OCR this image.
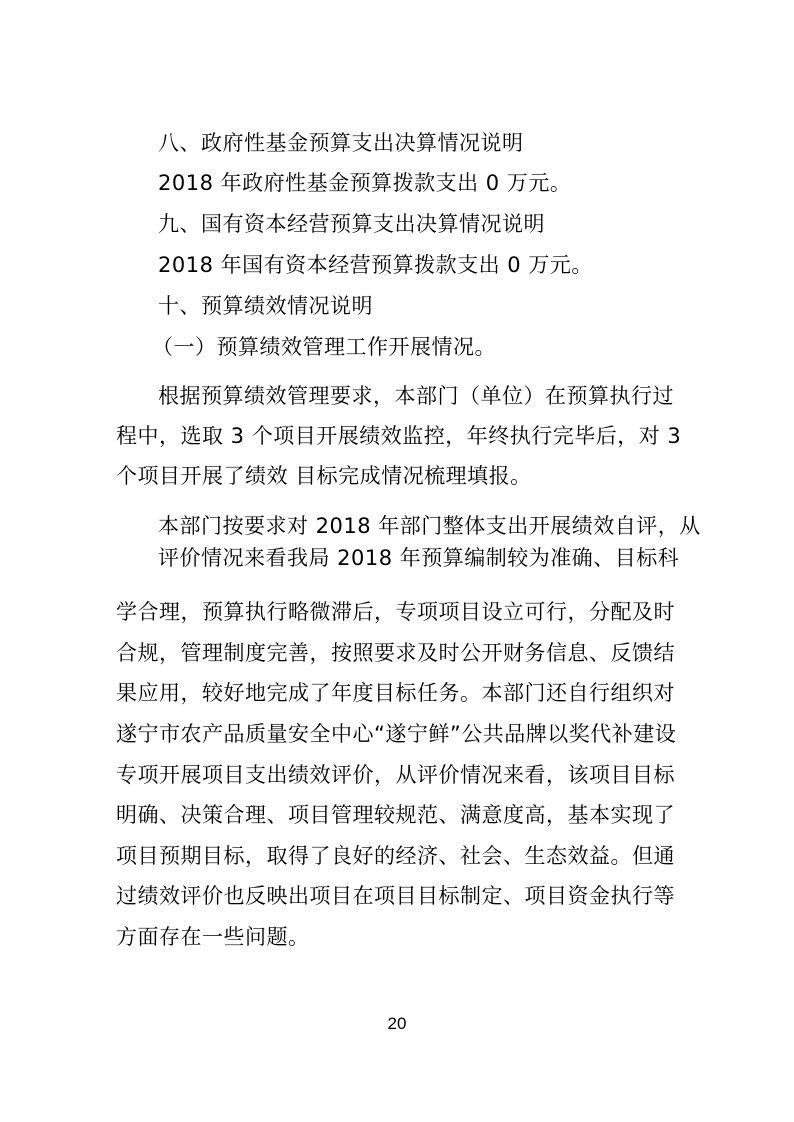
八、政府性基金预算支出决算情况说明
2018 年政府性基金预算拨款支出 0 万元。
九、国有资本经营预算支出决算情况说明
2018 年国有资本经营预算拨款支出 0 万元。
十、预算绩效情况说明
（一）预算绩效管理工作开展情况。
根据预算绩效管理要求，本部门（单位）在预算执行过
程中，选取 3 个项目开展绩效监控，年终执行完毕后，对 3
个项目开展了绩效 目标完成情况梳理填报。
本部门按要求对 2018 年部门整体支出开展绩效自评，从
评价情况来看我局 2018 年预算编制较为准确、目标科
学合理，预算执行略微滞后，专项项目设立可行，分配及时
合规，管理制度完善，按照要求及时公开财务信息、反馈结
果应用，较好地完成了年度目标任务。本部门还自行组织对
遂宁市农产品质量安全中心“遂宁鲜”公共品牌以奖代补建设
专项开展项目支出绩效评价，从评价情况来看，该项目目标
明确、决策合理、项目管理较规范、满意度高，基本实现了
项目预期目标，取得了良好的经济、社会、生态效益。但通
过绩效评价也反映出项目在项目目标制定、项目资金执行等
方面存在一些问题。
20
